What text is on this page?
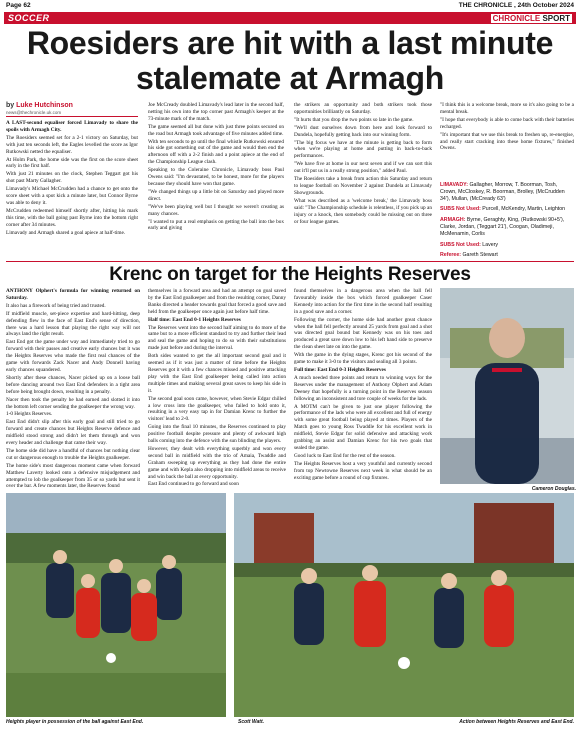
Page 62	THE CHRONICLE , 24th October 2024
SOCCER	CHRONICLE SPORT
Roesiders are hit with a last minute stalemate at Armagh
by Luke Hutchinson
news@thechronicle.uk.com

A LAST-second equaliser forced Limavady to share the spoils with Armagh City.

The Roesiders seemed set for a 2-1 victory on Saturday, but with just ten seconds left, the Eagles levelled the score as Igor Rutkowski netted the equaliser.

At Holm Park, the home side was the first on the score sheet early in the first half.

With just 21 minutes on the clock, Stephen Teggart got his shot past Marty Gallagher.

Limavady's Michael McCrudden had a chance to get onto the score sheet with a spot kick a minute later, but Connor Byrne was able to deny it.

McCrudden redeemed himself shortly after, hitting his mark this time, with the ball going past Byrne into the bottom right corner after 34 minutes.

Limavady and Armagh shared a goal apiece at half-time.

Joe McCready doubled Limavady's lead later in the second half, netting his own into the top corner past Armagh's keeper at the 73-minute mark of the match.

The game seemed all but done with just three points secured on the road but Armagh took advantage of five minutes added time.

With ten seconds to go until the final whistle Rutkowski ensured his side got something out of the game and would then end the afternoon off with a 2-2 finish and a point apiece at the end of the Championship League clash.

Speaking to the Coleraine Chronicle, Limavady boss Paul Owens said: "I'm devastated, to be honest, more for the players because they should have won that game.

"We changed things up a little bit on Saturday and played more direct.

"We've been playing well but I thought we weren't creating as many chances.

"I wanted to put a real emphasis on getting the ball into the box early and giving

the strikers an opportunity and both strikers took those opportunities brilliantly on Saturday.

"It hurts that you drop the two points so late in the game.

"We'll dust ourselves down from here and look forward to Dundela, hopefully getting back into our winning form.

"The big focus we have at the minute is getting back to form when we're playing at home and putting in back-to-back performances.

"We have five at home in our next seven and if we can sort this out it'll put us in a really strong position," added Paul.

The Roesiders take a break from action this Saturday and return to league football on November 2 against Dundela at Limavady Showgrounds.

What was described as a 'welcome break,' the Limavady boss said: "The Championship schedule is relentless, if you pick up an injury or a knock, then somebody could be missing out on three or four league games.

"I think this is a welcome break, more so it's also going to be a mental break.

"I hope that everybody is able to come back with their batteries recharged.

"It's important that we use this break to freshen up, re-energise, and really start cracking into these home fixtures," finished Owens.

LIMAVADY: Gallagher, Morrow, T. Boorman, Tosh, Crown, McCloskey, R. Boorman, Brolley, (McCrudden 34'), Mullan, (McCready 63')

SUBS Not Used: Purcell, McKendry, Martin, Leighton

ARMAGH: Byrne, Geraghty, King, (Rutkowski 90+5'), Clarke, Jordan, (Teggart 21'), Coogan, Oladimeji, McMenamin, Corlis

SUBS Not Used: Lavery

Referee: Gareth Stewart

Krenc on target for the Heights Reserves

ANTHONY Olphert's formula for winning returned on Saturday.

It also has a firework of being tried and trusted.

If midfield muscle, set-piece expertise and hard-hitting, deep defending flew in the face of East End's sense of direction, there was a hard lesson that playing the right way will not always land the right result.

East End got the game under way and immediately tried to go forward with their passes and creative early chances but it was the Heights Reserves who made the first real chances of the game with forwards Zack Nacer and Andy Donnell having early chances squandered.

Shortly after these chances, Nacer picked up on a loose ball before dancing around two East End defenders in a tight area before being brought down, resulting in a penalty.

Nacer then took the penalty he had earned and slotted it into the bottom left corner sending the goalkeeper the wrong way.

1-0 Heights Reserves.

East End didn't slip after this early goal and still tried to go forward and create chances but Heights Reserve defence and midfield stood strong and didn't let them through and won every header and challenge that came their way.

The home side did have a handful of chances but nothing clear cut or dangerous enough to trouble the Heights goalkeeper.

The home side's most dangerous moment came when forward Matthew Laverty looked onto a defensive misjudgement and attempted to lob the goalkeeper from 35 or so yards but sent it over the bar. A few moments later, the Reserves found

themselves in a forward area and had an attempt on goal saved by the East End goalkeeper and from the resulting corner, Danny Banks directed a header towards goal that forced a good save and held from the goalkeeper once again just before half time.

Half time: East End 0-1 Heights Reserves

The Reserves went into the second half aiming to do more of the same but to a more efficient standard to try and further their lead and seal the game and hoping to do so with their substitutions made just before and during the interval.

Both sides wanted to get the all important second goal and it seemed as if it was just a matter of time before the Heights Reserves got it with a few chances missed and positive attacking play with the East End goalkeeper being called into action multiple times and making several great saves to keep his side in it.

The second goal soon came, however, when Stevie Edgar chilled a low cross into the goalkeeper, who failed to hold onto it, resulting in a very easy tap in for Damian Krenc to further the visitors' lead to 2-0.

Going into the final 10 minutes, the Reserves continued to play positive football despite pressure and plenty of awkward high balls coming into the defence with the sun blinding the players.

However, they dealt with everything superbly and won every second ball in midfield with the trio of Amaia, Twaddle and Graham sweeping up everything as they had done the entire game and with Kepla also dropping into midfield areas to receive and win back the ball at every opportunity.

East End continued to go forward and soon

found themselves in a dangerous area when the ball fell favourably inside the box which forced goalkeeper Caser Kennedy into action for the first time in the second half resulting in a good save and a corner.

Following the corner, the home side had another great chance when the ball fell perfectly around 25 yards from goal and a shot was directed goal bound but Kennedy was on his toes and produced a great save down low to his left hand side to preserve the clean sheet late on into the game.

With the game in the dying stages, Krenc got his second of the game to make it 3-0 to the visitors and sealing all 3 points.

Full time: East End 0-3 Heights Reserves

A much needed three points and return to winning ways for the Reserves under the management of Anthony Olphert and Adam Deeney that hopefully is a turning point in the Reserves season following an inconsistent and tore couple of weeks for the lads.

A MOTM can't be given to just one player following the performance of the lads who were all excellent and full of energy with some great football being played at times. Players of the Match goes to young Ross Twaddle for his excellent work in midfield, Stevie Edgar for solid defensive and attacking work grabbing an assist and Damian Krenc for his two goals that sealed the game.

Good luck to East End for the rest of the season.

The Heights Reserves host a very youthful and currently second from top Newtowne Reserves next week in what should be an exciting game before a round of cup fixtures.

Cameron Douglas.
Heights player in possession of the ball against East End.	Scott Watt.	Action between Heights Reserves and East End.
